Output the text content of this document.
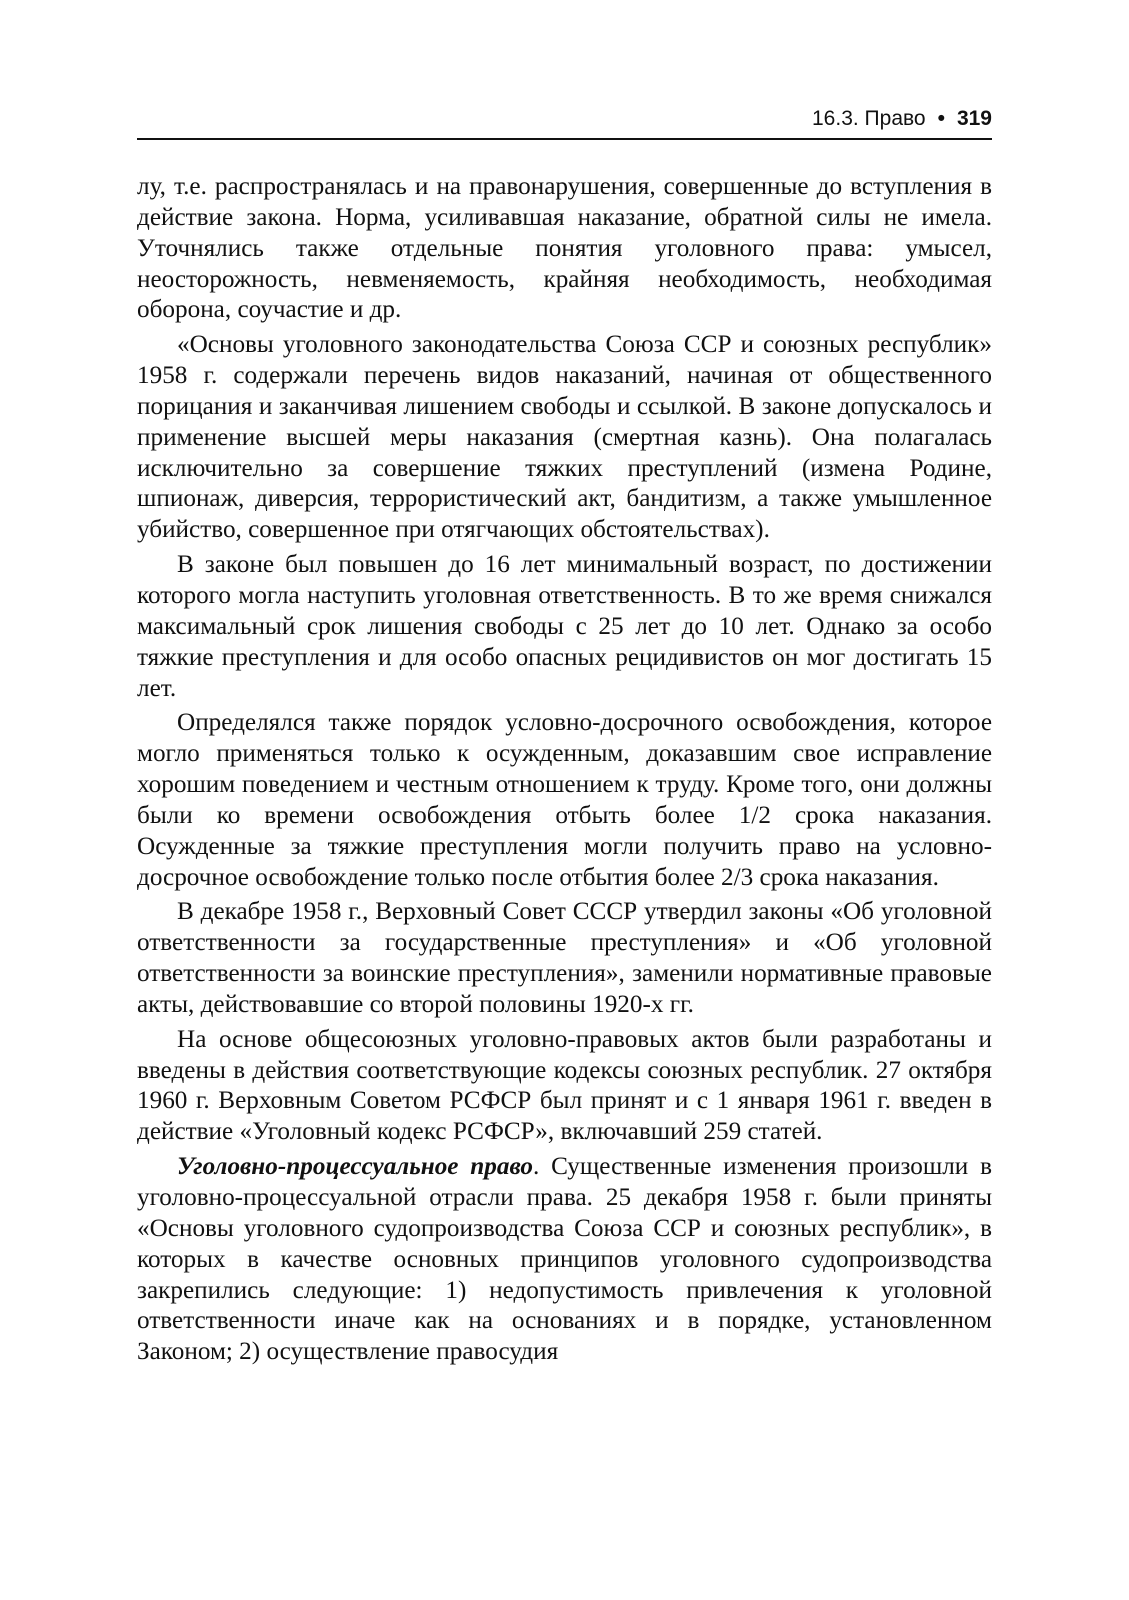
16.3. Право • 319

лу, т.е. распространялась и на правонарушения, совершенные до вступления в действие закона. Норма, усиливавшая наказание, обратной силы не имела. Уточнялись также отдельные понятия уголовного права: умысел, неосторожность, невменяемость, крайняя необходимость, необходимая оборона, соучастие и др.

«Основы уголовного законодательства Союза ССР и союзных республик» 1958 г. содержали перечень видов наказаний, начиная от общественного порицания и заканчивая лишением свободы и ссылкой. В законе допускалось и применение высшей меры наказания (смертная казнь). Она полагалась исключительно за совершение тяжких преступлений (измена Родине, шпионаж, диверсия, террористический акт, бандитизм, а также умышленное убийство, совершенное при отягчающих обстоятельствах).

В законе был повышен до 16 лет минимальный возраст, по достижении которого могла наступить уголовная ответственность. В то же время снижался максимальный срок лишения свободы с 25 лет до 10 лет. Однако за особо тяжкие преступления и для особо опасных рецидивистов он мог достигать 15 лет.

Определялся также порядок условно-досрочного освобождения, которое могло применяться только к осужденным, доказавшим свое исправление хорошим поведением и честным отношением к труду. Кроме того, они должны были ко времени освобождения отбыть более 1/2 срока наказания. Осужденные за тяжкие преступления могли получить право на условно-досрочное освобождение только после отбытия более 2/3 срока наказания.

В декабре 1958 г., Верховный Совет СССР утвердил законы «Об уголовной ответственности за государственные преступления» и «Об уголовной ответственности за воинские преступления», заменили нормативные правовые акты, действовавшие со второй половины 1920-х гг.

На основе общесоюзных уголовно-правовых актов были разработаны и введены в действия соответствующие кодексы союзных республик. 27 октября 1960 г. Верховным Советом РСФСР был принят и с 1 января 1961 г. введен в действие «Уголовный кодекс РСФСР», включавший 259 статей.

Уголовно-процессуальное право. Существенные изменения произошли в уголовно-процессуальной отрасли права. 25 декабря 1958 г. были приняты «Основы уголовного судопроизводства Союза ССР и союзных республик», в которых в качестве основных принципов уголовного судопроизводства закрепились следующие: 1) недопустимость привлечения к уголовной ответственности иначе как на основаниях и в порядке, установленном Законом; 2) осуществление правосудия
